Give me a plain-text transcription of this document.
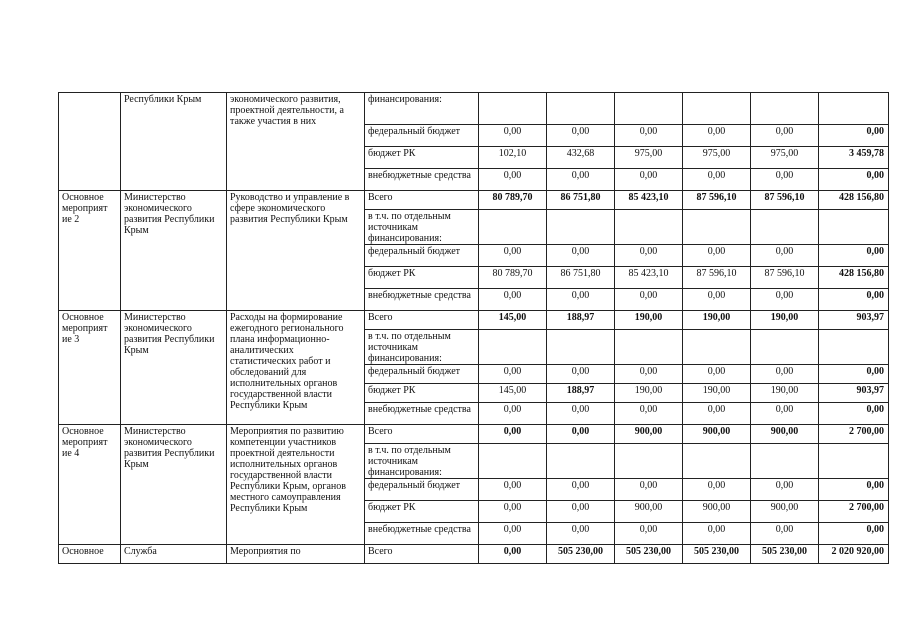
	Республики Крым	экономического развития, проектной деятельности, а также участия в них	финансирования:						
			федеральный бюджет	0,00	0,00	0,00	0,00	0,00	0,00
			бюджет РК	102,10	432,68	975,00	975,00	975,00	3 459,78
			внебюджетные средства	0,00	0,00	0,00	0,00	0,00	0,00
Основное мероприят ие 2	Министерство экономического развития Республики Крым	Руководство и управление в сфере экономического развития Республики Крым	Всего	80 789,70	86 751,80	85 423,10	87 596,10	87 596,10	428 156,80
			в т.ч. по отдельным источникам финансирования:						
			федеральный бюджет	0,00	0,00	0,00	0,00	0,00	0,00
			бюджет РК	80 789,70	86 751,80	85 423,10	87 596,10	87 596,10	428 156,80
			внебюджетные средства	0,00	0,00	0,00	0,00	0,00	0,00
Основное мероприят ие 3	Министерство экономического развития Республики Крым	Расходы на формирование ежегодного регионального плана информационно-аналитических статистических работ и обследований для исполнительных органов государственной власти Республики Крым	Всего	145,00	188,97	190,00	190,00	190,00	903,97
			в т.ч. по отдельным источникам финансирования:						
			федеральный бюджет	0,00	0,00	0,00	0,00	0,00	0,00
			бюджет РК	145,00	188,97	190,00	190,00	190,00	903,97
			внебюджетные средства	0,00	0,00	0,00	0,00	0,00	0,00
Основное мероприят ие 4	Министерство экономического развития Республики Крым	Мероприятия по развитию компетенции участников проектной деятельности исполнительных органов государственной власти Республики Крым, органов местного самоуправления Республики Крым	Всего	0,00	0,00	900,00	900,00	900,00	2 700,00
			в т.ч. по отдельным источникам финансирования:						
			федеральный бюджет	0,00	0,00	0,00	0,00	0,00	0,00
			бюджет РК	0,00	0,00	900,00	900,00	900,00	2 700,00
			внебюджетные средства	0,00	0,00	0,00	0,00	0,00	0,00
Основное	Служба	Мероприятия по	Всего	0,00	505 230,00	505 230,00	505 230,00	505 230,00	2 020 920,00
